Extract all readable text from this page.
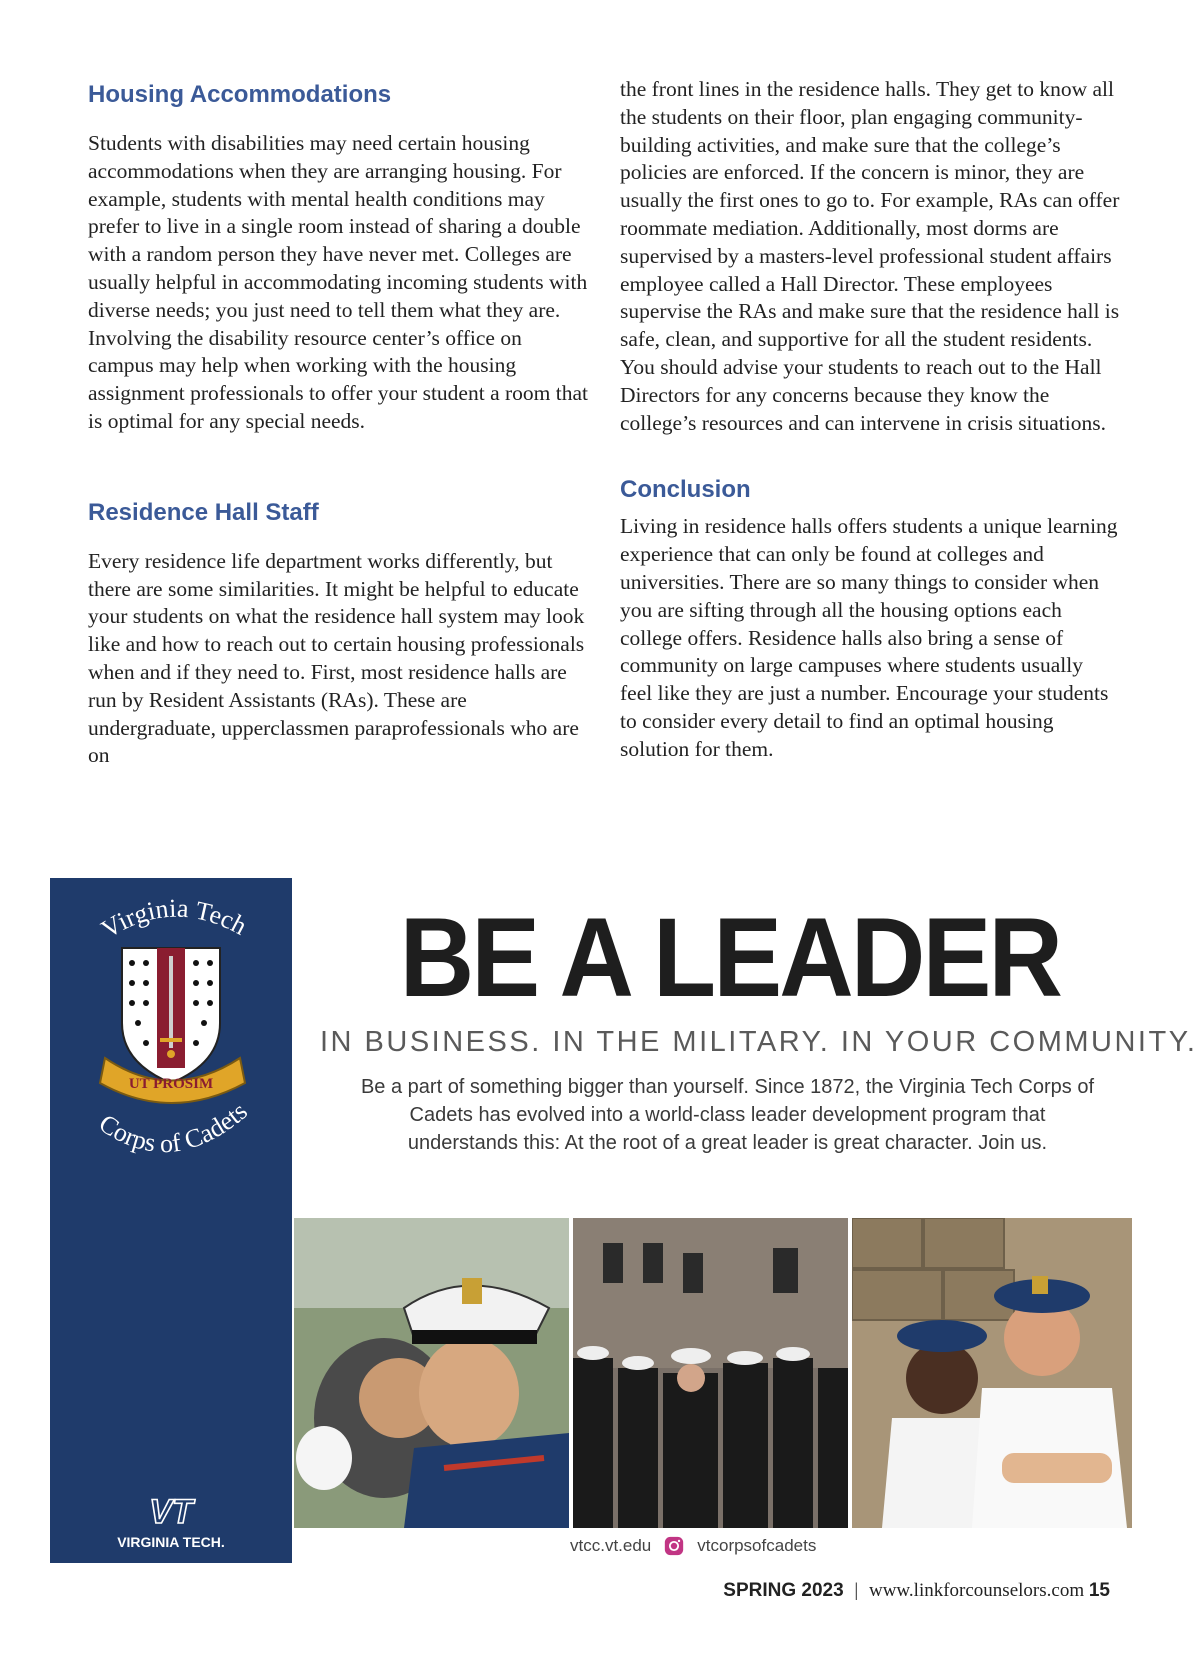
Housing Accommodations

Students with disabilities may need certain housing accommodations when they are arranging housing. For example, students with mental health conditions may prefer to live in a single room instead of sharing a double with a random person they have never met. Colleges are usually helpful in accommodating incoming students with diverse needs; you just need to tell them what they are. Involving the disability resource center’s office on campus may help when working with the housing assignment professionals to offer your student a room that is optimal for any special needs.

Residence Hall Staff

Every residence life department works differently, but there are some similarities. It might be helpful to educate your students on what the residence hall system may look like and how to reach out to certain housing professionals when and if they need to. First, most residence halls are run by Resident Assistants (RAs). These are undergraduate, upperclassmen paraprofessionals who are on

the front lines in the residence halls. They get to know all the students on their floor, plan engaging community-building activities, and make sure that the college’s policies are enforced. If the concern is minor, they are usually the first ones to go to. For example, RAs can offer roommate mediation. Additionally, most dorms are supervised by a masters-level professional student affairs employee called a Hall Director. These employees supervise the RAs and make sure that the residence hall is safe, clean, and supportive for all the student residents. You should advise your students to reach out to the Hall Directors for any concerns because they know the college’s resources and can intervene in crisis situations.

Conclusion

Living in residence halls offers students a unique learning experience that can only be found at colleges and universities. There are so many things to consider when you are sifting through all the housing options each college offers. Residence halls also bring a sense of community on large campuses where students usually feel like they are just a number. Encourage your students to consider every detail to find an optimal housing solution for them.

Virginia Tech
UT PROSIM
Corps of Cadets
VT
VIRGINIA TECH.
BE A LEADER
IN BUSINESS. IN THE MILITARY. IN YOUR COMMUNITY.
Be a part of something bigger than yourself. Since 1872, the Virginia Tech Corps of Cadets has evolved into a world-class leader development program that understands this: At the root of a great leader is great character. Join us.
vtcc.vt.edu	vtcorpsofcadets
SPRING 2023 | www.linkforcounselors.com 15
